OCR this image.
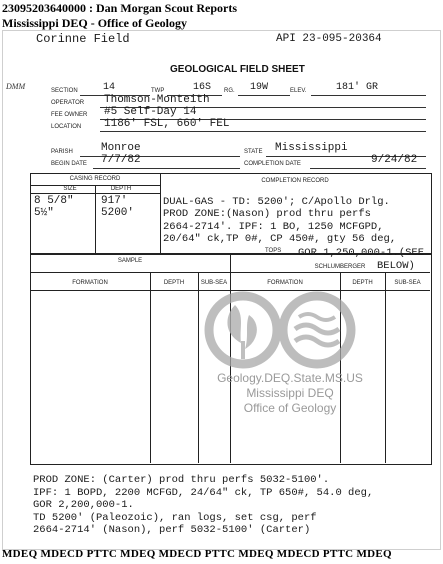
23095203640000 : Dan Morgan Scout Reports
Mississippi DEQ - Office of Geology
Corinne Field	API 23-095-20364
DMM
GEOLOGICAL FIELD SHEET
SECTION	14	TWP	16S RG. 19W	ELEV.	181' GR
OPERATOR Thomson-Monteith
FEE OWNER #5 Self-Day 14
LOCATION 1186' FSL, 660' FEL
PARISH	Monroe	STATE Mississippi
BEGIN DATE 7/7/82	COMPLETION DATE	9/24/82
CASING RECORD
SIZE	DEPTH
COMPLETION RECORD
8 5/8" 917'
5½"	5200'
DUAL-GAS - TD: 5200'; C/Apollo Drlg.
PROD ZONE:(Nason) prod thru perfs
2664-2714'. IPF: 1 BO, 1250 MCFGPD,
20/64" ck,TP 0#, CP 450#, gty 56 deg,
GOR 1,250,000-1.(SEE
BELOW)
TOPS
SAMPLE
SCHLUMBERGER
FORMATION	DEPTH	SUB-SEA	FORMATION	DEPTH	SUB-SEA
Geology.DEQ.State.MS.US
Mississippi DEQ
Office of Geology
PROD ZONE: (Carter) prod thru perfs 5032-5100'.
IPF: 1 BOPD, 2200 MCFGD, 24/64" ck, TP 650#, 54.0 deg,
GOR 2,200,000-1.
TD 5200' (Paleozoic), ran logs, set csg, perf
2664-2714' (Nason), perf 5032-5100' (Carter)
MDEQ MDECD PTTC MDEQ MDECD PTTC MDEQ MDECD PTTC MDEQ
